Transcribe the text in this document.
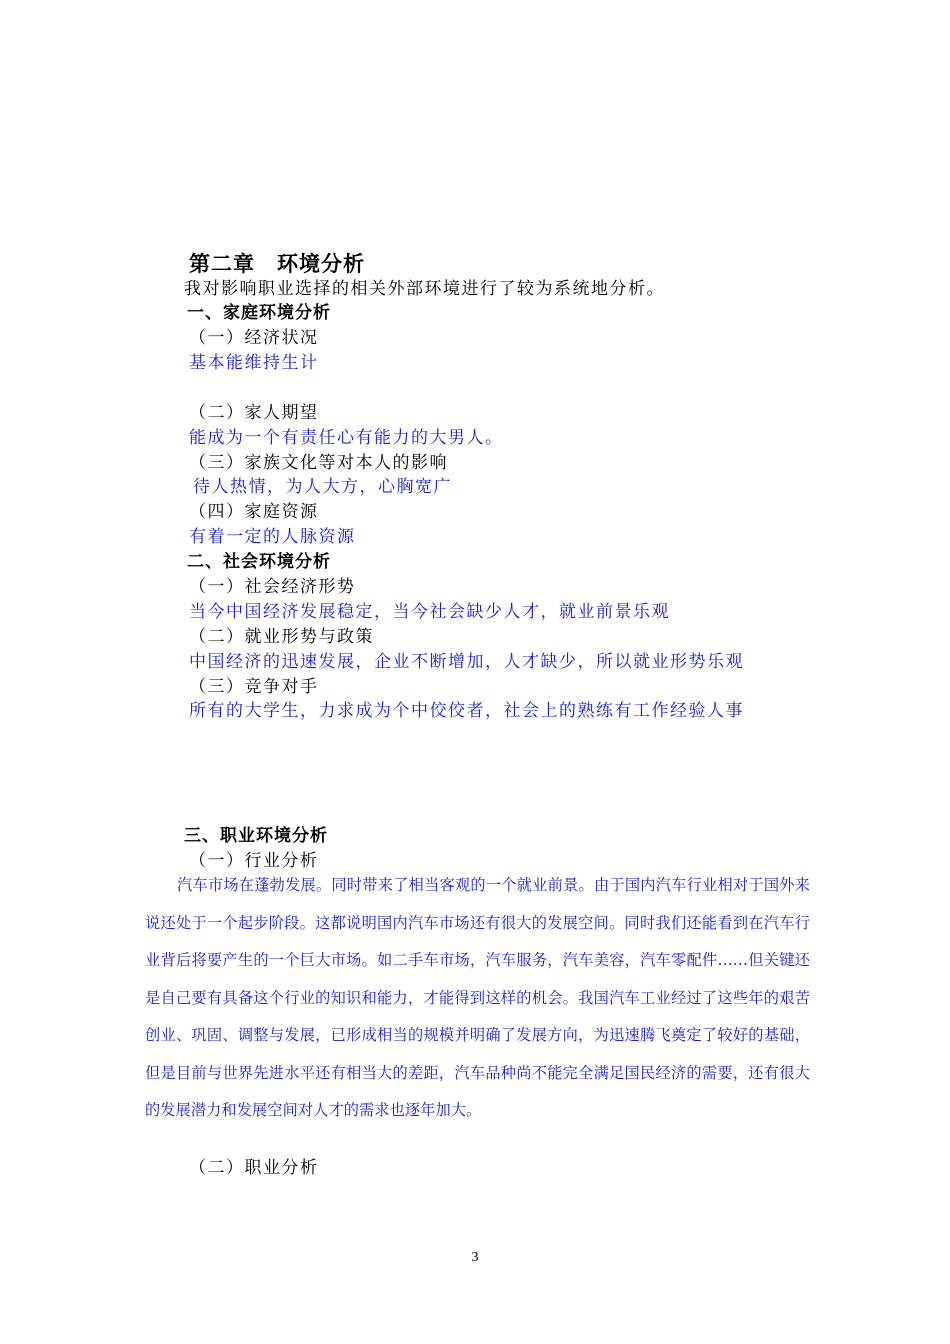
第二章　环境分析
我对影响职业选择的相关外部环境进行了较为系统地分析。
一、家庭环境分析
（一）经济状况
基本能维持生计
（二）家人期望
能成为一个有责任心有能力的大男人。
（三）家族文化等对本人的影响
待人热情，为人大方，心胸宽广
（四）家庭资源
有着一定的人脉资源
二、社会环境分析
（一）社会经济形势
当今中国经济发展稳定，当今社会缺少人才，就业前景乐观
（二）就业形势与政策
中国经济的迅速发展，企业不断增加，人才缺少，所以就业形势乐观
（三）竞争对手
所有的大学生，力求成为个中佼佼者，社会上的熟练有工作经验人事
三、职业环境分析
（一）行业分析
汽车市场在蓬勃发展。同时带来了相当客观的一个就业前景。由于国内汽车行业相对于国外来说还处于一个起步阶段。这都说明国内汽车市场还有很大的发展空间。同时我们还能看到在汽车行业背后将要产生的一个巨大市场。如二手车市场，汽车服务，汽车美容，汽车零配件……但关键还是自己要有具备这个行业的知识和能力，才能得到这样的机会。我国汽车工业经过了这些年的艰苦创业、巩固、调整与发展，已形成相当的规模并明确了发展方向，为迅速腾飞奠定了较好的基础，但是目前与世界先进水平还有相当大的差距，汽车品种尚不能完全满足国民经济的需要，还有很大的发展潜力和发展空间对人才的需求也逐年加大。
（二）职业分析
3
